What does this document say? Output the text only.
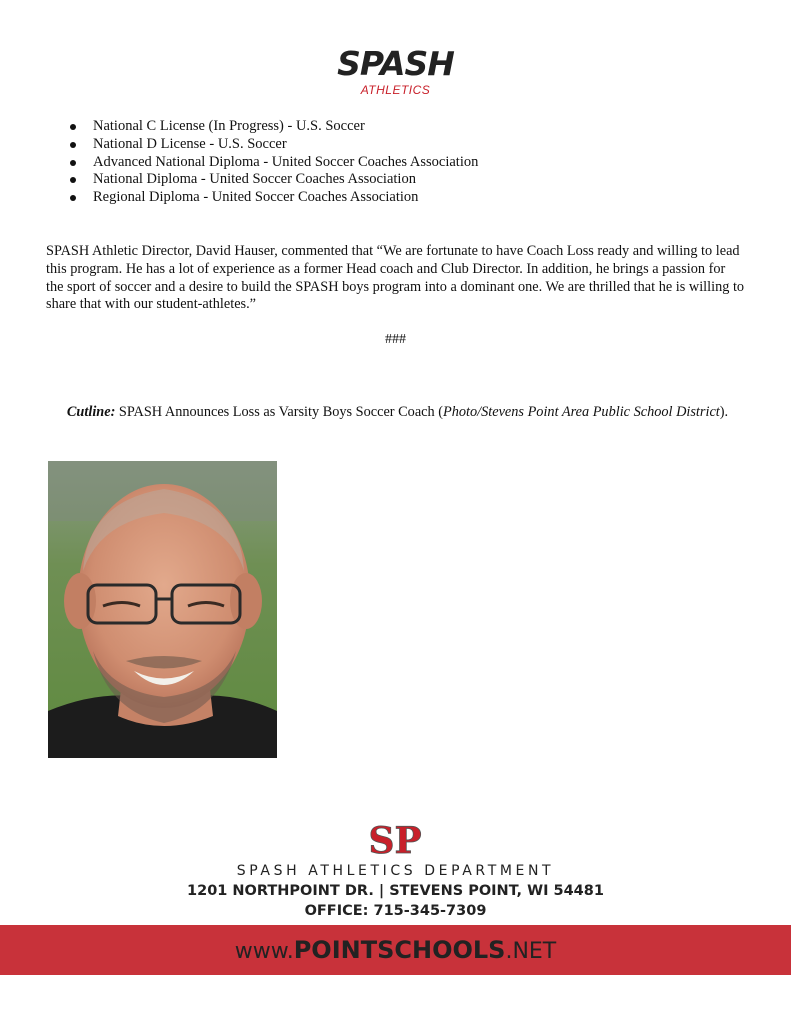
SPASH
ATHLETICS
National C License (In Progress) - U.S. Soccer
National D License - U.S. Soccer
Advanced National Diploma - United Soccer Coaches Association
National Diploma - United Soccer Coaches Association
Regional Diploma - United Soccer Coaches Association

SPASH Athletic Director, David Hauser, commented that “We are fortunate to have Coach Loss ready and willing to lead this program. He has a lot of experience as a former Head coach and Club Director. In addition, he brings a passion for the sport of soccer and a desire to build the SPASH boys program into a dominant one. We are thrilled that he is willing to share that with our student-athletes.”

###

Cutline: SPASH Announces Loss as Varsity Boys Soccer Coach (Photo/Stevens Point Area Public School District).

SP
SPASH ATHLETICS DEPARTMENT
1201 NORTHPOINT DR. | STEVENS POINT, WI 54481
OFFICE: 715-345-7309
www.POINTSCHOOLS.NET
